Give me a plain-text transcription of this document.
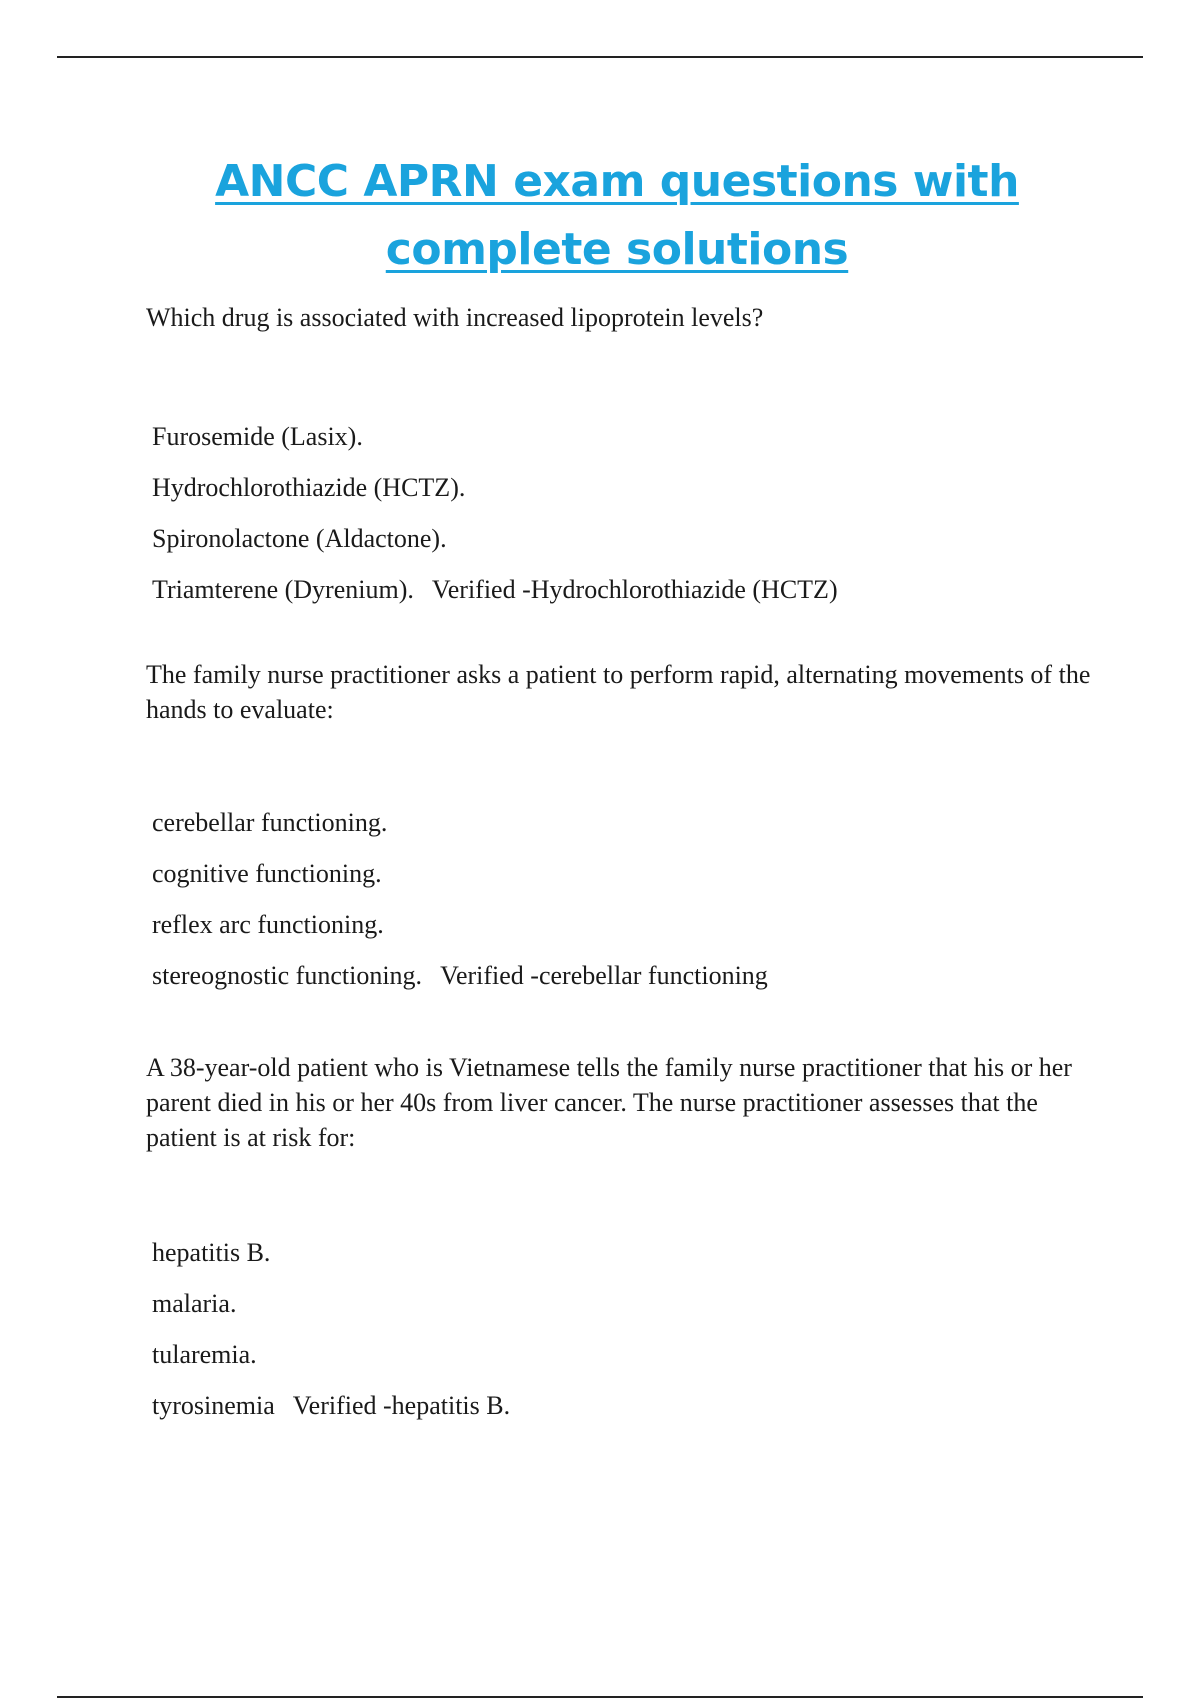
ANCC APRN exam questions with complete solutions

Which drug is associated with increased lipoprotein levels?

Furosemide (Lasix).
Hydrochlorothiazide (HCTZ).
Spironolactone (Aldactone).
Triamterene (Dyrenium). Verified -Hydrochlorothiazide (HCTZ)

The family nurse practitioner asks a patient to perform rapid, alternating movements of the hands to evaluate:

cerebellar functioning.
cognitive functioning.
reflex arc functioning.
stereognostic functioning. Verified -cerebellar functioning

A 38-year-old patient who is Vietnamese tells the family nurse practitioner that his or her parent died in his or her 40s from liver cancer. The nurse practitioner assesses that the patient is at risk for:

hepatitis B.
malaria.
tularemia.
tyrosinemia Verified -hepatitis B.
